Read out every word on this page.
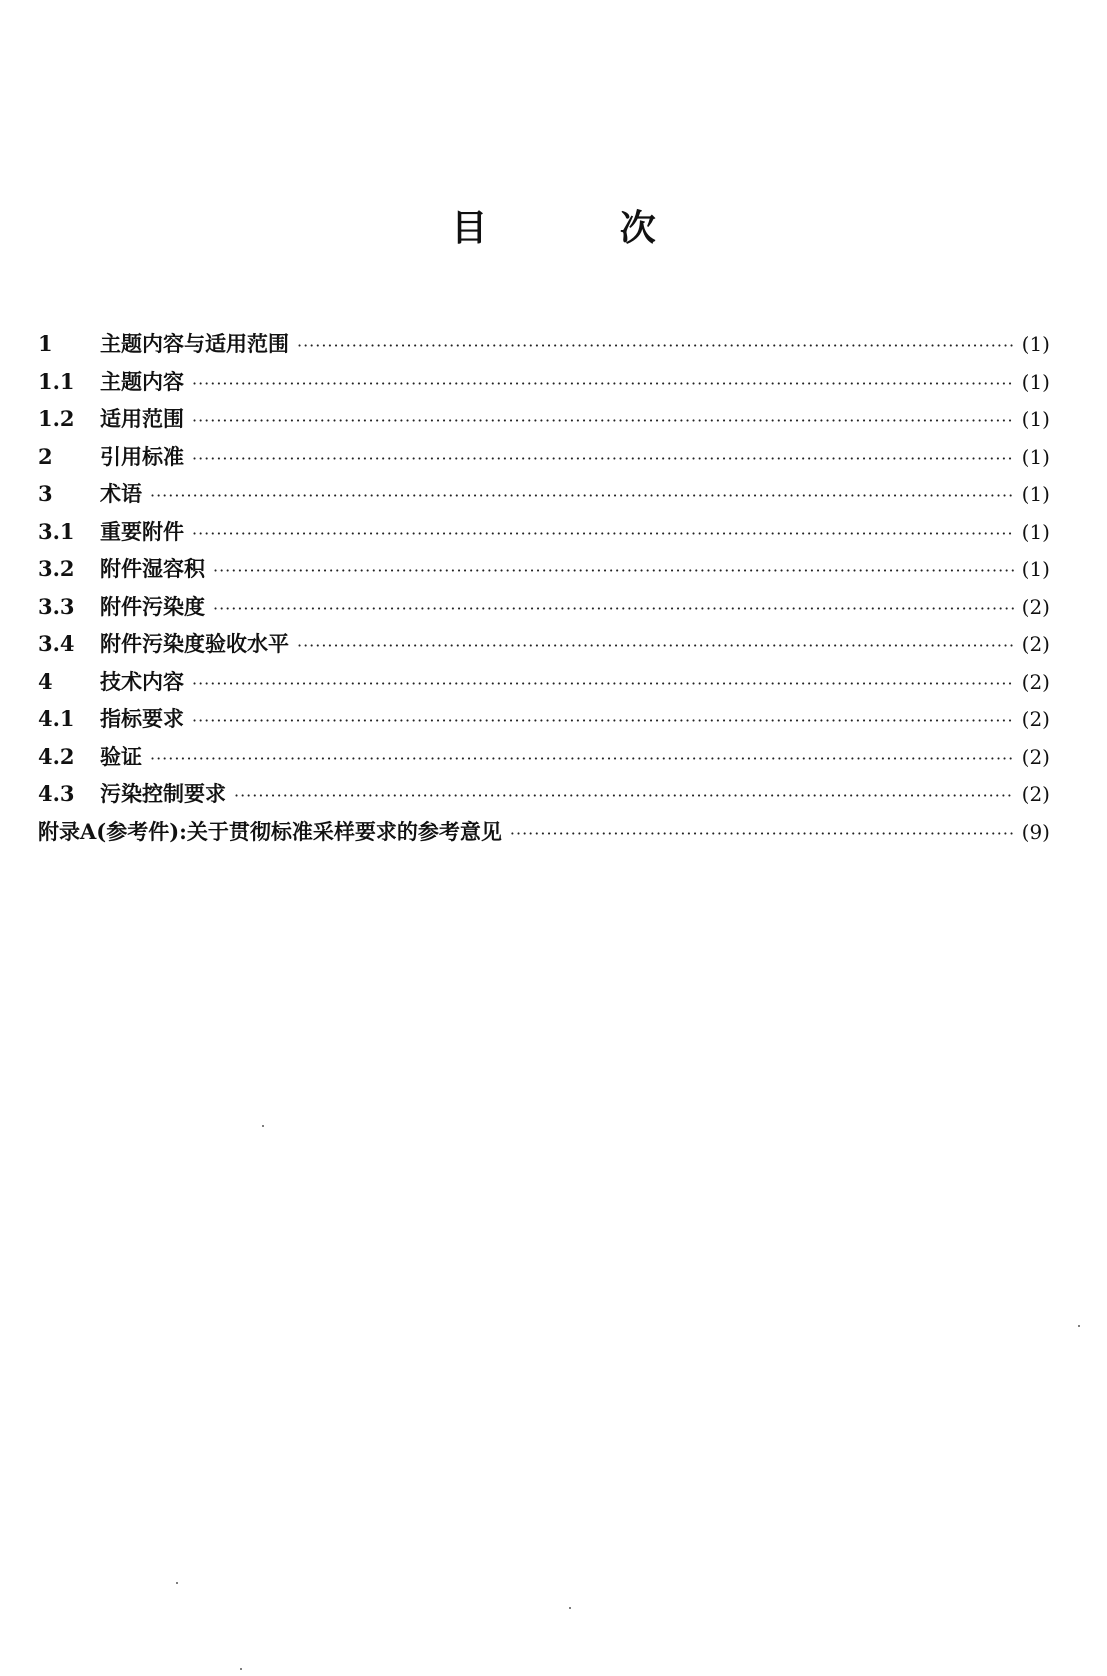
目 次
1	主题内容与适用范围 ·····	(1)
1.1	主题内容 ·····	(1)
1.2	适用范围 ·····	(1)
2	引用标准 ·····	(1)
3	术语 ·····	(1)
3.1	重要附件 ·····	(1)
3.2	附件湿容积 ·····	(1)
3.3	附件污染度 ·····	(2)
3.4	附件污染度验收水平 ·····	(2)
4	技术内容 ·····	(2)
4.1	指标要求 ·····	(2)
4.2	验证 ·····	(2)
4.3	污染控制要求 ·····	(2)
附录A(参考件):关于贯彻标准采样要求的参考意见 ·····	(9)
